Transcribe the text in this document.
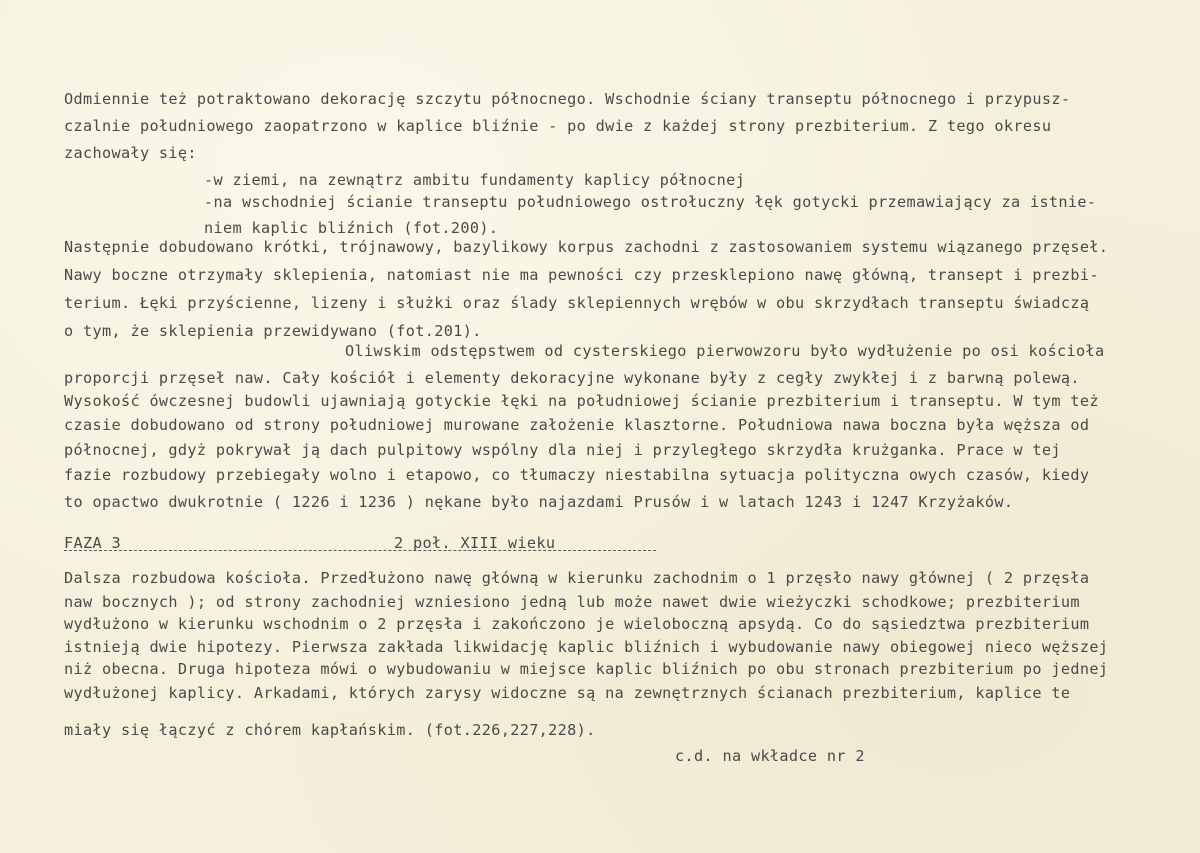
Odmiennie też potraktowano dekorację szczytu północnego. Wschodnie ściany transeptu północnego i przypusz-
czalnie południowego zaopatrzono w kaplice bliźnie - po dwie z każdej strony prezbiterium. Z tego okresu
zachowały się:
-w ziemi, na zewnątrz ambitu fundamenty kaplicy północnej
-na wschodniej ścianie transeptu południowego ostrołuczny łęk gotycki przemawiający za istnie-
niem kaplic bliźnich (fot.200).
Następnie dobudowano krótki, trójnawowy, bazylikowy korpus zachodni z zastosowaniem systemu wiązanego przęseł.
Nawy boczne otrzymały sklepienia, natomiast nie ma pewności czy przesklepiono nawę główną, transept i prezbi-
terium. Łęki przyścienne, lizeny i służki oraz ślady sklepiennych wrębów w obu skrzydłach transeptu świadczą
o tym, że sklepienia przewidywano (fot.201).
Oliwskim odstępstwem od cysterskiego pierwowzoru było wydłużenie po osi kościoła
proporcji przęseł naw. Cały kościół i elementy dekoracyjne wykonane były z cegły zwykłej i z barwną polewą.
Wysokość ówczesnej budowli ujawniają gotyckie łęki na południowej ścianie prezbiterium i transeptu. W tym też
czasie dobudowano od strony południowej murowane założenie klasztorne. Południowa nawa boczna była węższa od
północnej, gdyż pokrywał ją dach pulpitowy wspólny dla niej i przyległego skrzydła krużganka. Prace w tej
fazie rozbudowy przebiegały wolno i etapowo, co tłumaczy niestabilna sytuacja polityczna owych czasów, kiedy
to opactwo dwukrotnie ( 1226 i 1236 ) nękane było najazdami Prusów i w latach 1243 i 1247 Krzyżaków.
FAZA 3	2 poł. XIII wieku
Dalsza rozbudowa kościoła. Przedłużono nawę główną w kierunku zachodnim o 1 przęsło nawy głównej ( 2 przęsła
naw bocznych ); od strony zachodniej wzniesiono jedną lub może nawet dwie wieżyczki schodkowe; prezbiterium
wydłużono w kierunku wschodnim o 2 przęsła i zakończono je wieloboczną apsydą. Co do sąsiedztwa prezbiterium
istnieją dwie hipotezy. Pierwsza zakłada likwidację kaplic bliźnich i wybudowanie nawy obiegowej nieco węższej
niż obecna. Druga hipoteza mówi o wybudowaniu w miejsce kaplic bliźnich po obu stronach prezbiterium po jednej
wydłużonej kaplicy. Arkadami, których zarysy widoczne są na zewnętrznych ścianach prezbiterium, kaplice te
miały się łączyć z chórem kapłańskim. (fot.226,227,228).
c.d. na wkładce nr 2
